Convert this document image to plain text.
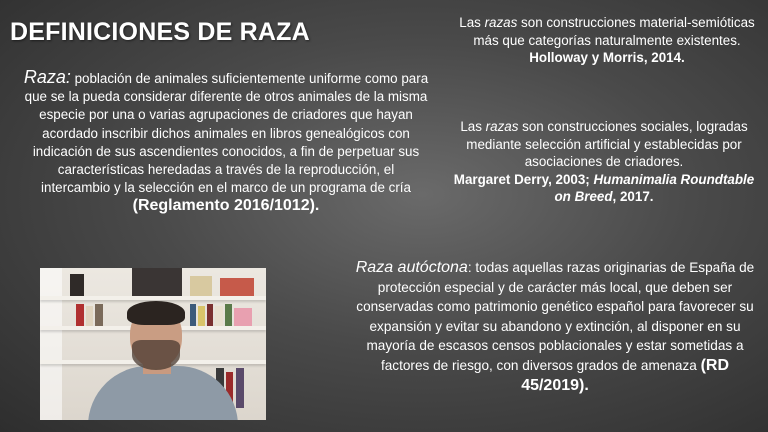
DEFINICIONES DE RAZA
Raza: población de animales suficientemente uniforme como para que se la pueda considerar diferente de otros animales de la misma especie por una o varias agrupaciones de criadores que hayan acordado inscribir dichos animales en libros genealógicos con indicación de sus ascendientes conocidos, a fin de perpetuar sus características heredadas a través de la reproducción, el intercambio y la selección en el marco de un programa de cría (Reglamento 2016/1012).
Las razas son construcciones material-semióticas más que categorías naturalmente existentes.
Holloway y Morris, 2014.
Las razas son construcciones sociales, logradas mediante selección artificial y establecidas por asociaciones de criadores.
Margaret Derry, 2003; Humanimalia Roundtable on Breed, 2017.
Raza autóctona: todas aquellas razas originarias de España de protección especial y de carácter más local, que deben ser conservadas como patrimonio genético español para favorecer su expansión y evitar su abandono y extinción, al disponer en su mayoría de escasos censos poblacionales y estar sometidas a factores de riesgo, con diversos grados de amenaza (RD 45/2019).
